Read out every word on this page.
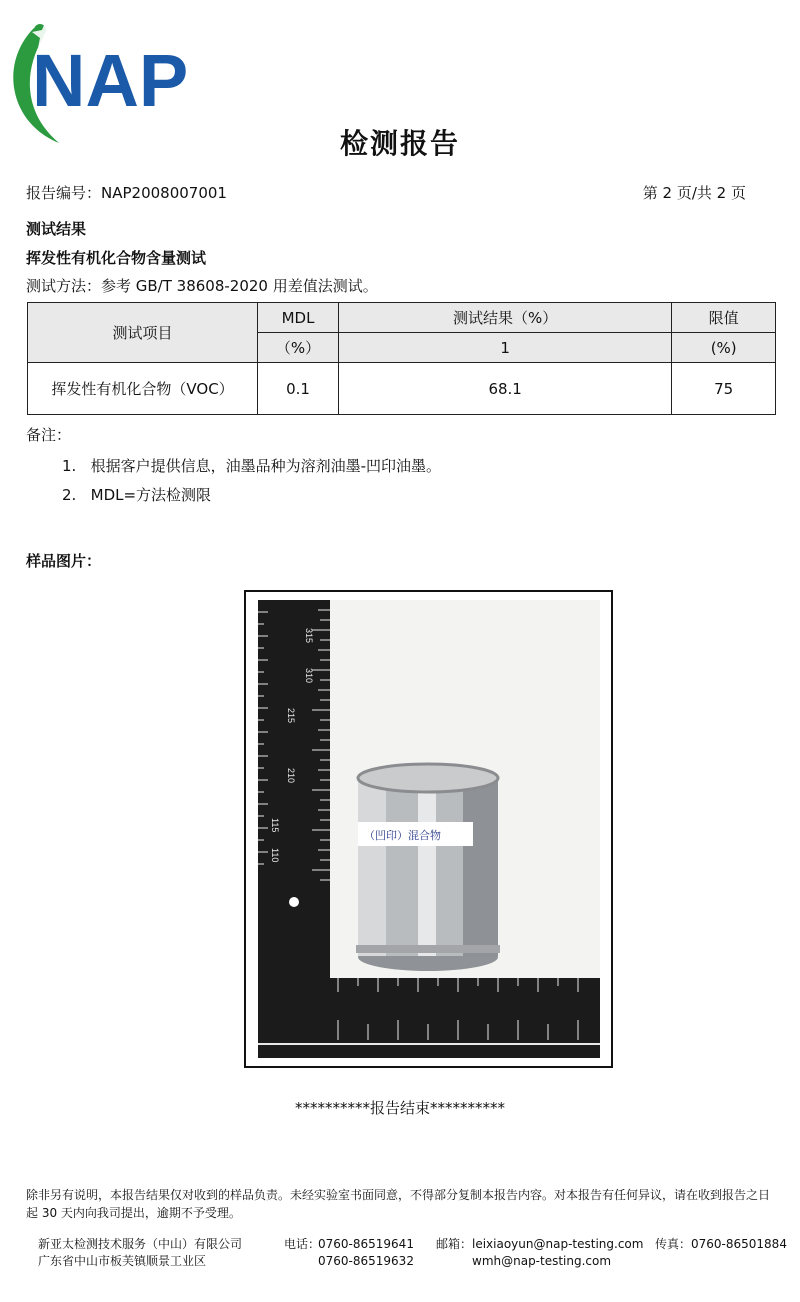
NAP
检测报告
报告编号：NAP2008007001	第 2 页/共 2 页
测试结果
挥发性有机化合物含量测试
测试方法：参考 GB/T 38608-2020 用差值法测试。
测试项目	MDL	测试结果（%）	限值
	（%）	1	(%)
挥发性有机化合物（VOC）	0.1	68.1	75
备注：
1. 根据客户提供信息，油墨品种为溶剂油墨-凹印油墨。
2. MDL=方法检测限
样品图片：
315
310
215
210
115
110
（凹印）混合物
**********报告结束**********
除非另有说明，本报告结果仅对收到的样品负责。未经实验室书面同意，不得部分复制本报告内容。对本报告有任何异议，请在收到报告之日起 30 天内向我司提出，逾期不予受理。
新亚太检测技术服务（中山）有限公司
广东省中山市板芙镇顺景工业区
电话：
0760-86519641
0760-86519632
邮箱： leixiaoyun@nap-testing.com
wmh@nap-testing.com
传真：0760-86501884
